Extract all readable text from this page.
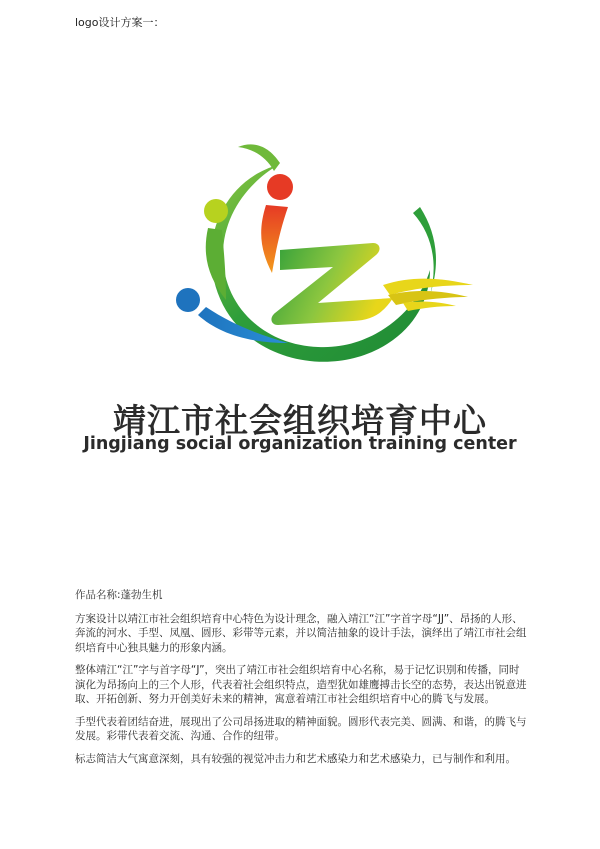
logo设计方案一：
靖江市社会组织培育中心
Jingjiang social organization training center

作品名称:蓬勃生机

方案设计以靖江市社会组织培育中心特色为设计理念，融入靖江“江”字首字母“JJ”、昂扬的人形、奔流的河水、手型、凤凰、圆形、彩带等元素，并以简洁抽象的设计手法，演绎出了靖江市社会组织培育中心独具魅力的形象内涵。

整体靖江“江”字与首字母“J”，突出了靖江市社会组织培育中心名称，易于记忆识别和传播，同时演化为昂扬向上的三个人形，代表着社会组织特点，造型犹如雄鹰搏击长空的态势，表达出锐意进取、开拓创新、努力开创美好未来的精神，寓意着靖江市社会组织培育中心的腾飞与发展。

手型代表着团结奋进，展现出了公司昂扬进取的精神面貌。圆形代表完美、圆满、和谐，的腾飞与发展。彩带代表着交流、沟通、合作的纽带。

标志简洁大气寓意深刻，具有较强的视觉冲击力和艺术感染力和艺术感染力，已与制作和利用。
